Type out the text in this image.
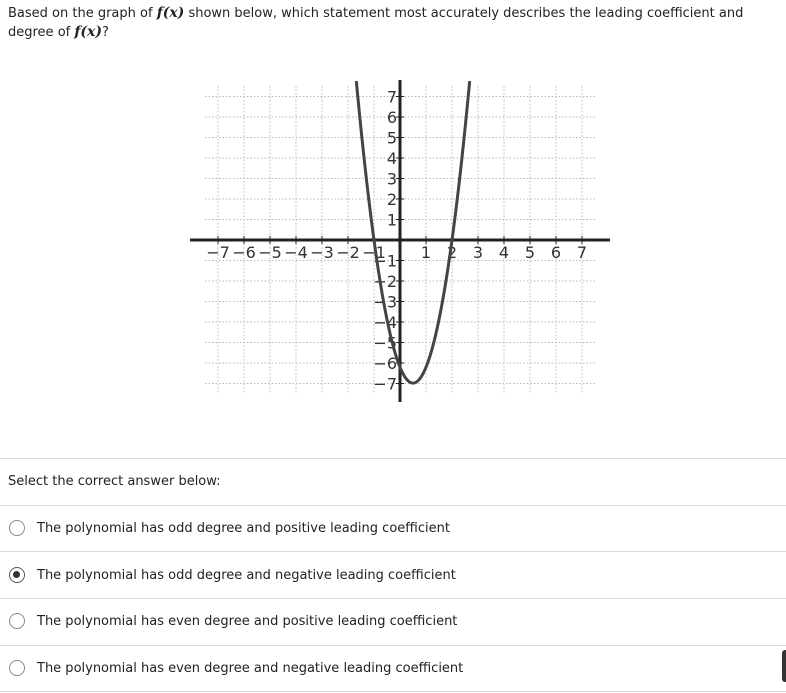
Based on the graph of f(x) shown below, which statement most accurately describes the leading coefficient and degree of f(x)?
−7 −6 −5 −4 −3 −2 −1 1 2 3 4 5 6 7
7
6
5
4
3
2
1
−1
−2
−3
−4
−5
−6
−7
Select the correct answer below:
The polynomial has odd degree and positive leading coefficient
The polynomial has odd degree and negative leading coefficient
The polynomial has even degree and positive leading coefficient
The polynomial has even degree and negative leading coefficient
